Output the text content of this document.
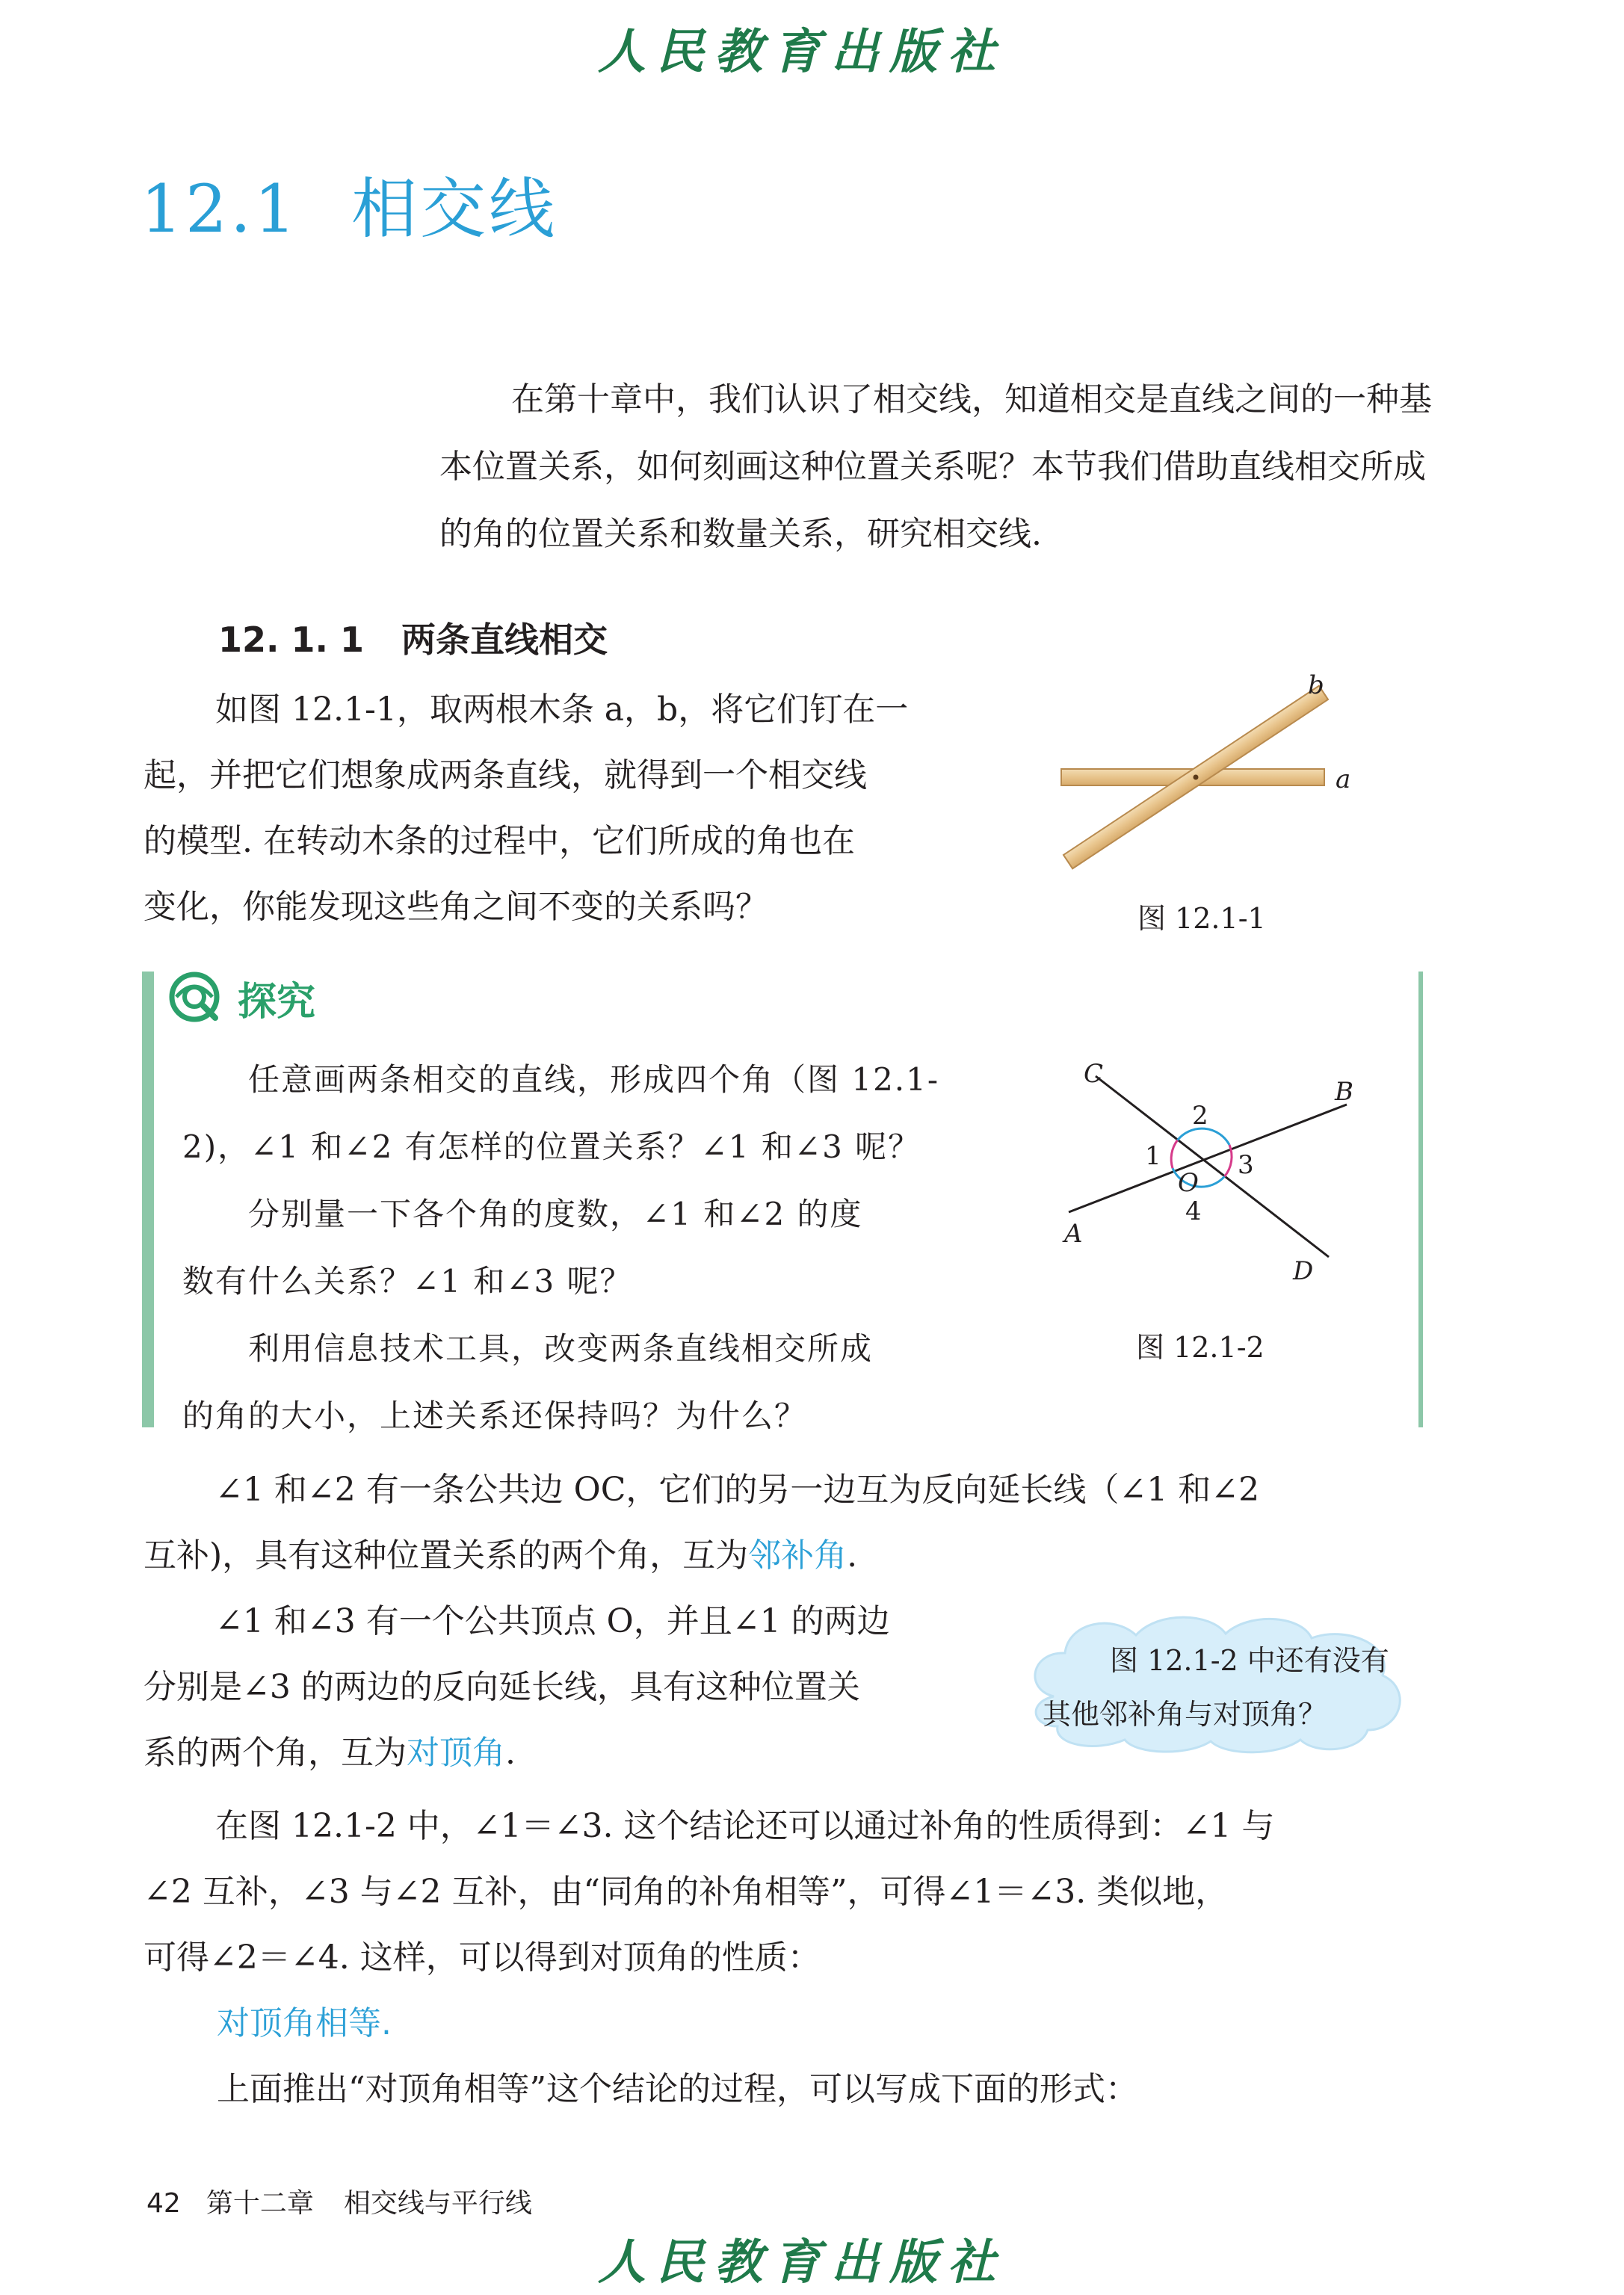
人民教育出版社
12.1 相交线

在第十章中，我们认识了相交线，知道相交是直线之间的一种基本位置关系，如何刻画这种位置关系呢？本节我们借助直线相交所成的角的位置关系和数量关系，研究相交线.

12. 1. 1 两条直线相交

如图 12.1-1，取两根木条 a，b，将它们钉在一

起，并把它们想象成两条直线，就得到一个相交线

的模型. 在转动木条的过程中，它们所成的角也在

变化，你能发现这些角之间不变的关系吗？

a
b
图 12.1-1
探究

　　任意画两条相交的直线，形成四个角（图 12.1-

2)，∠1 和∠2 有怎样的位置关系？∠1 和∠3 呢？

　　分别量一下各个角的度数，∠1 和∠2 的度

数有什么关系？∠1 和∠3 呢？

　　利用信息技术工具，改变两条直线相交所成

的角的大小，上述关系还保持吗？为什么？

C
B
A
D
O
2
1	3
4
图 12.1-2

∠1 和∠2 有一条公共边 OC，它们的另一边互为反向延长线（∠1 和∠2

互补)，具有这种位置关系的两个角，互为邻补角.

∠1 和∠3 有一个公共顶点 O，并且∠1 的两边

分别是∠3 的两边的反向延长线，具有这种位置关

系的两个角，互为对顶角.

图 12.1-2 中还有没有

其他邻补角与对顶角？

在图 12.1-2 中，∠1＝∠3. 这个结论还可以通过补角的性质得到：∠1 与

∠2 互补，∠3 与∠2 互补，由“同角的补角相等”，可得∠1＝∠3. 类似地，

可得∠2＝∠4. 这样，可以得到对顶角的性质：

对顶角相等.

上面推出“对顶角相等”这个结论的过程，可以写成下面的形式：

42 第十二章 相交线与平行线
人民教育出版社
